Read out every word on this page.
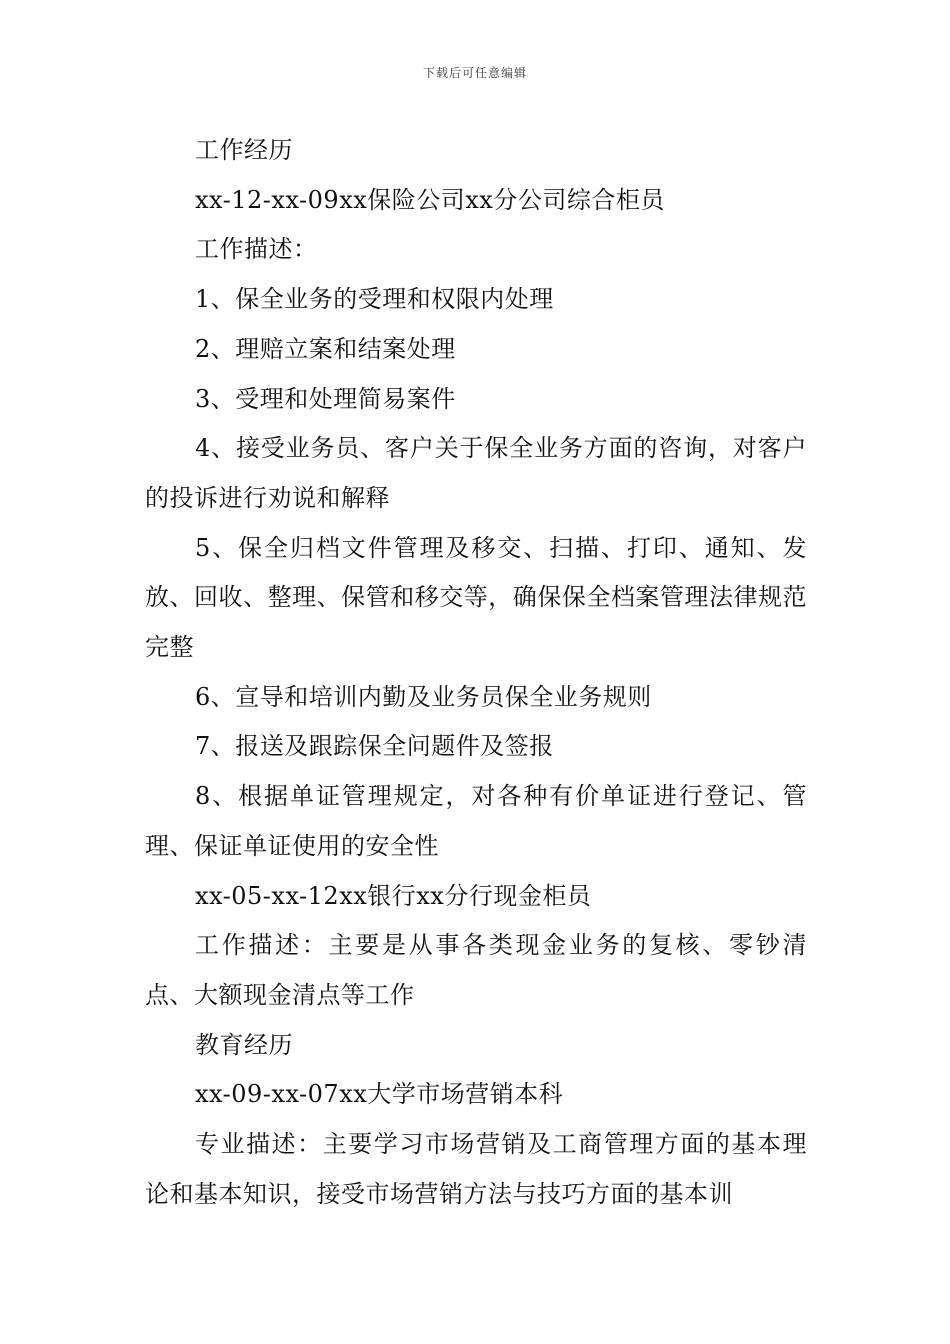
下载后可任意编辑

工作经历

xx-12-xx-09xx保险公司xx分公司综合柜员

工作描述：

1、保全业务的受理和权限内处理

2、理赔立案和结案处理

3、受理和处理简易案件

4、接受业务员、客户关于保全业务方面的咨询，对客户的投诉进行劝说和解释

5、保全归档文件管理及移交、扫描、打印、通知、发放、回收、整理、保管和移交等，确保保全档案管理法律规范完整

6、宣导和培训内勤及业务员保全业务规则

7、报送及跟踪保全问题件及签报

8、根据单证管理规定，对各种有价单证进行登记、管理、保证单证使用的安全性

xx-05-xx-12xx银行xx分行现金柜员

工作描述：主要是从事各类现金业务的复核、零钞清点、大额现金清点等工作

教育经历

xx-09-xx-07xx大学市场营销本科

专业描述：主要学习市场营销及工商管理方面的基本理论和基本知识，接受市场营销方法与技巧方面的基本训
